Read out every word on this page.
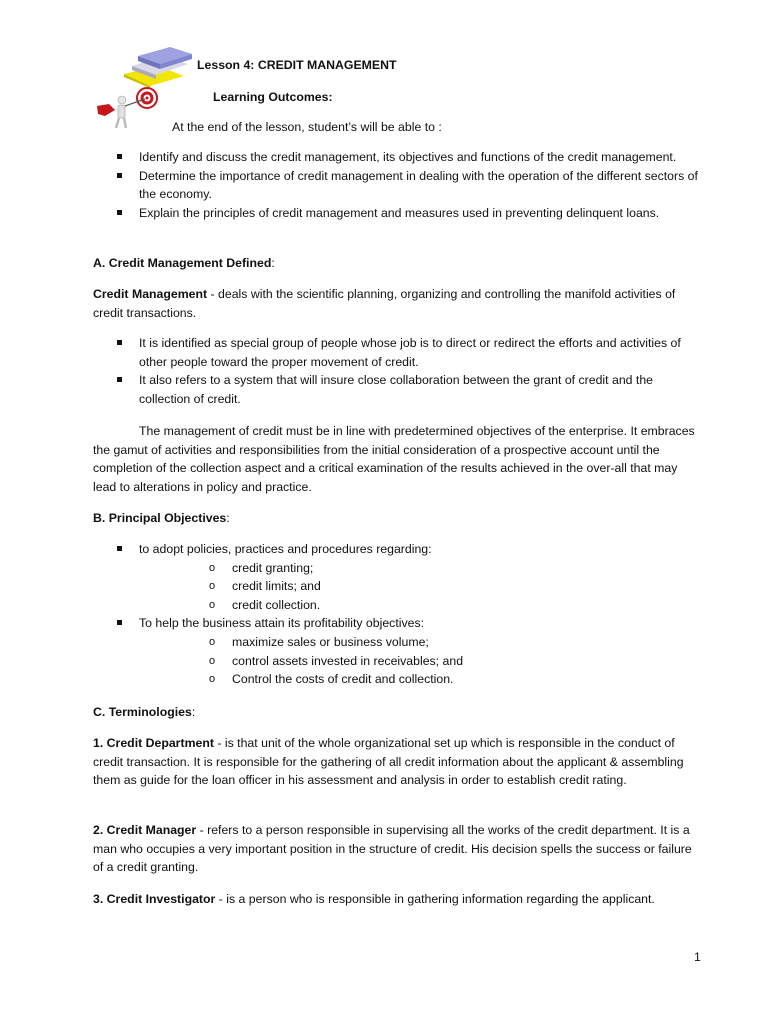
Lesson 4: CREDIT MANAGEMENT
Learning Outcomes:
At the end of the lesson, student’s will be able to :
Identify and discuss the credit management, its objectives and functions of the credit management.
Determine the importance of credit management in dealing with the operation of the different sectors of the economy.
Explain the principles of credit management and measures used in preventing delinquent loans.
A. Credit Management Defined:
Credit Management - deals with the scientific planning, organizing and controlling the manifold activities of credit transactions.
It is identified as special group of people whose job is to direct or redirect the efforts and activities of other people toward the proper movement of credit.
It also refers to a system that will insure close collaboration between the grant of credit and the collection of credit.
The management of credit must be in line with predetermined objectives of the enterprise. It embraces the gamut of activities and responsibilities from the initial consideration of a prospective account until the completion of the collection aspect and a critical examination of the results achieved in the over-all that may lead to alterations in policy and practice.
B. Principal Objectives:
to adopt policies, practices and procedures regarding:
o credit granting;
o credit limits; and
o credit collection.
To help the business attain its profitability objectives:
o maximize sales or business volume;
o control assets invested in receivables; and
o Control the costs of credit and collection.
C. Terminologies:
1. Credit Department - is that unit of the whole organizational set up which is responsible in the conduct of credit transaction. It is responsible for the gathering of all credit information about the applicant & assembling them as guide for the loan officer in his assessment and analysis in order to establish credit rating.
2. Credit Manager - refers to a person responsible in supervising all the works of the credit department. It is a man who occupies a very important position in the structure of credit. His decision spells the success or failure of a credit granting.
3. Credit Investigator - is a person who is responsible in gathering information regarding the applicant.
1
